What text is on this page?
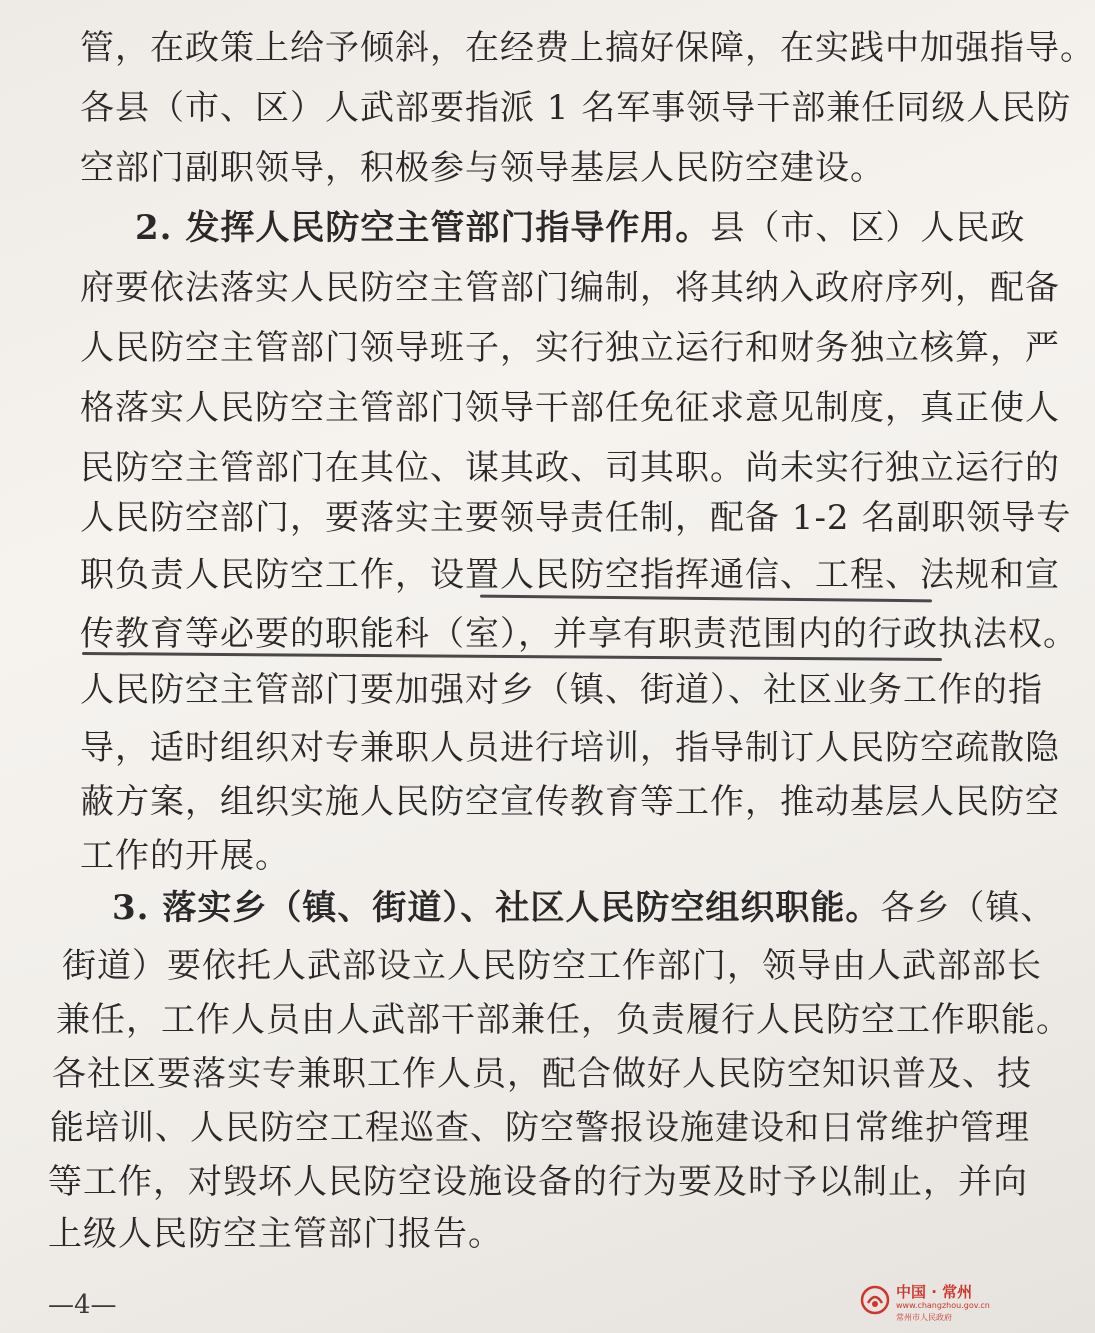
管，在政策上给予倾斜，在经费上搞好保障，在实践中加强指导。
各县（市、区）人武部要指派 1 名军事领导干部兼任同级人民防
空部门副职领导，积极参与领导基层人民防空建设。
2. 发挥人民防空主管部门指导作用。县（市、区）人民政
府要依法落实人民防空主管部门编制，将其纳入政府序列，配备
人民防空主管部门领导班子，实行独立运行和财务独立核算，严
格落实人民防空主管部门领导干部任免征求意见制度，真正使人
民防空主管部门在其位、谋其政、司其职。尚未实行独立运行的
人民防空部门，要落实主要领导责任制，配备 1-2 名副职领导专
职负责人民防空工作，设置人民防空指挥通信、工程、法规和宣
传教育等必要的职能科（室），并享有职责范围内的行政执法权。
人民防空主管部门要加强对乡（镇、街道）、社区业务工作的指
导，适时组织对专兼职人员进行培训，指导制订人民防空疏散隐
蔽方案，组织实施人民防空宣传教育等工作，推动基层人民防空
工作的开展。
3. 落实乡（镇、街道）、社区人民防空组织职能。各乡（镇、
街道）要依托人武部设立人民防空工作部门，领导由人武部部长
兼任，工作人员由人武部干部兼任，负责履行人民防空工作职能。
各社区要落实专兼职工作人员，配合做好人民防空知识普及、技
能培训、人民防空工程巡查、防空警报设施建设和日常维护管理
等工作，对毁坏人民防空设施设备的行为要及时予以制止，并向
上级人民防空主管部门报告。
—4—	中国 · 常州
www.changzhou.gov.cn
常州市人民政府
